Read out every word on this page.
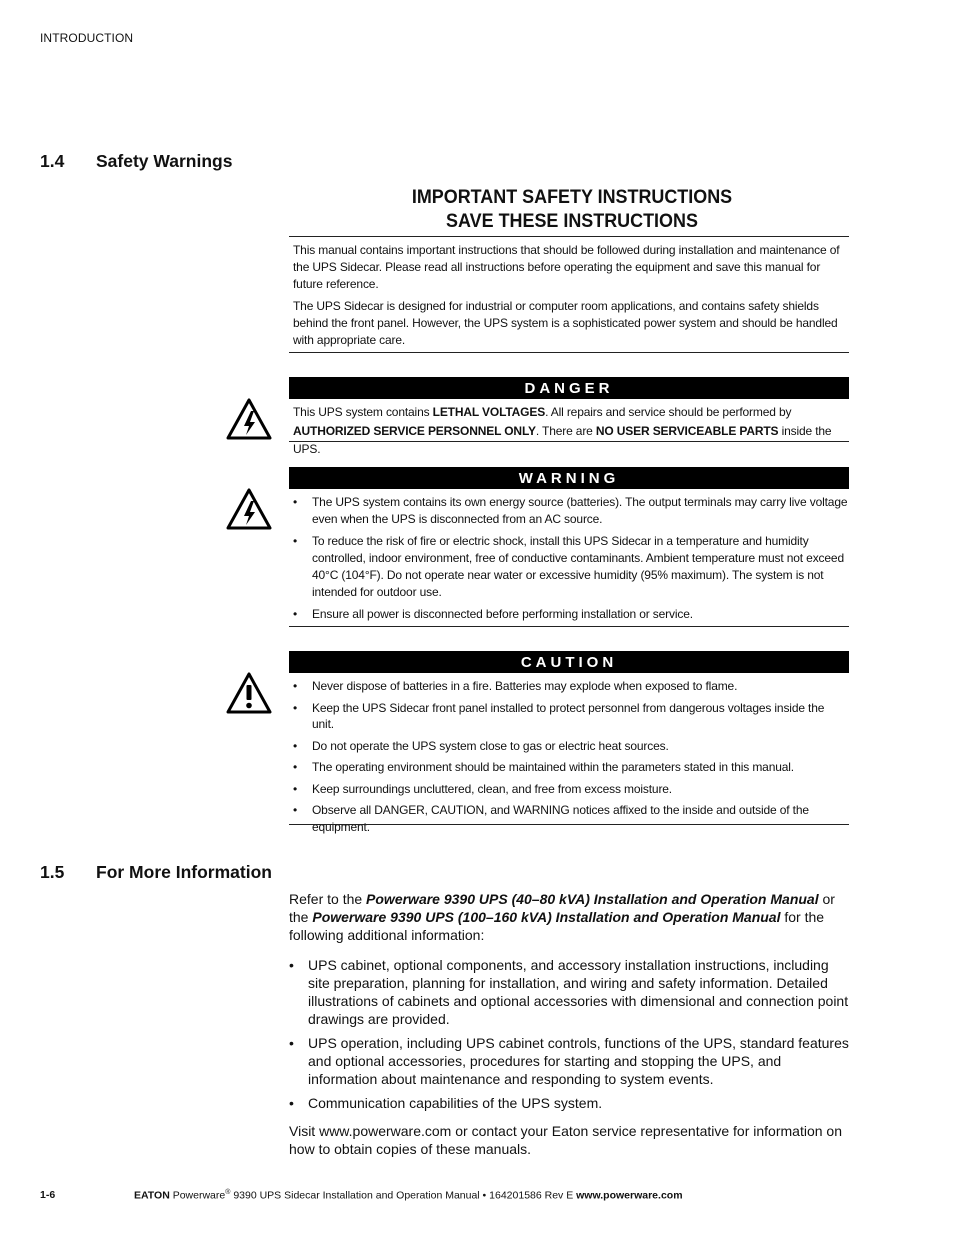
INTRODUCTION
1.4 Safety Warnings
IMPORTANT SAFETY INSTRUCTIONS
SAVE THESE INSTRUCTIONS

This manual contains important instructions that should be followed during installation and maintenance of the UPS Sidecar. Please read all instructions before operating the equipment and save this manual for future reference.

The UPS Sidecar is designed for industrial or computer room applications, and contains safety shields behind the front panel. However, the UPS system is a sophisticated power system and should be handled with appropriate care.

DANGER
This UPS system contains LETHAL VOLTAGES. All repairs and service should be performed by AUTHORIZED SERVICE PERSONNEL ONLY. There are NO USER SERVICEABLE PARTS inside the UPS.
WARNING
• The UPS system contains its own energy source (batteries). The output terminals may carry live voltage even when the UPS is disconnected from an AC source.
• To reduce the risk of fire or electric shock, install this UPS Sidecar in a temperature and humidity controlled, indoor environment, free of conductive contaminants. Ambient temperature must not exceed 40°C (104°F). Do not operate near water or excessive humidity (95% maximum). The system is not intended for outdoor use.
• Ensure all power is disconnected before performing installation or service.
CAUTION
• Never dispose of batteries in a fire. Batteries may explode when exposed to flame.
• Keep the UPS Sidecar front panel installed to protect personnel from dangerous voltages inside the unit.
• Do not operate the UPS system close to gas or electric heat sources.
• The operating environment should be maintained within the parameters stated in this manual.
• Keep surroundings uncluttered, clean, and free from excess moisture.
• Observe all DANGER, CAUTION, and WARNING notices affixed to the inside and outside of the equipment.
1.5 For More Information

Refer to the Powerware 9390 UPS (40–80 kVA) Installation and Operation Manual or the Powerware 9390 UPS (100–160 kVA) Installation and Operation Manual for the following additional information:

• UPS cabinet, optional components, and accessory installation instructions, including site preparation, planning for installation, and wiring and safety information. Detailed illustrations of cabinets and optional accessories with dimensional and connection point drawings are provided.
• UPS operation, including UPS cabinet controls, functions of the UPS, standard features and optional accessories, procedures for starting and stopping the UPS, and information about maintenance and responding to system events.
• Communication capabilities of the UPS system.

Visit www.powerware.com or contact your Eaton service representative for information on how to obtain copies of these manuals.

1-6	EATON Powerware® 9390 UPS Sidecar Installation and Operation Manual • 164201586 Rev E www.powerware.com
